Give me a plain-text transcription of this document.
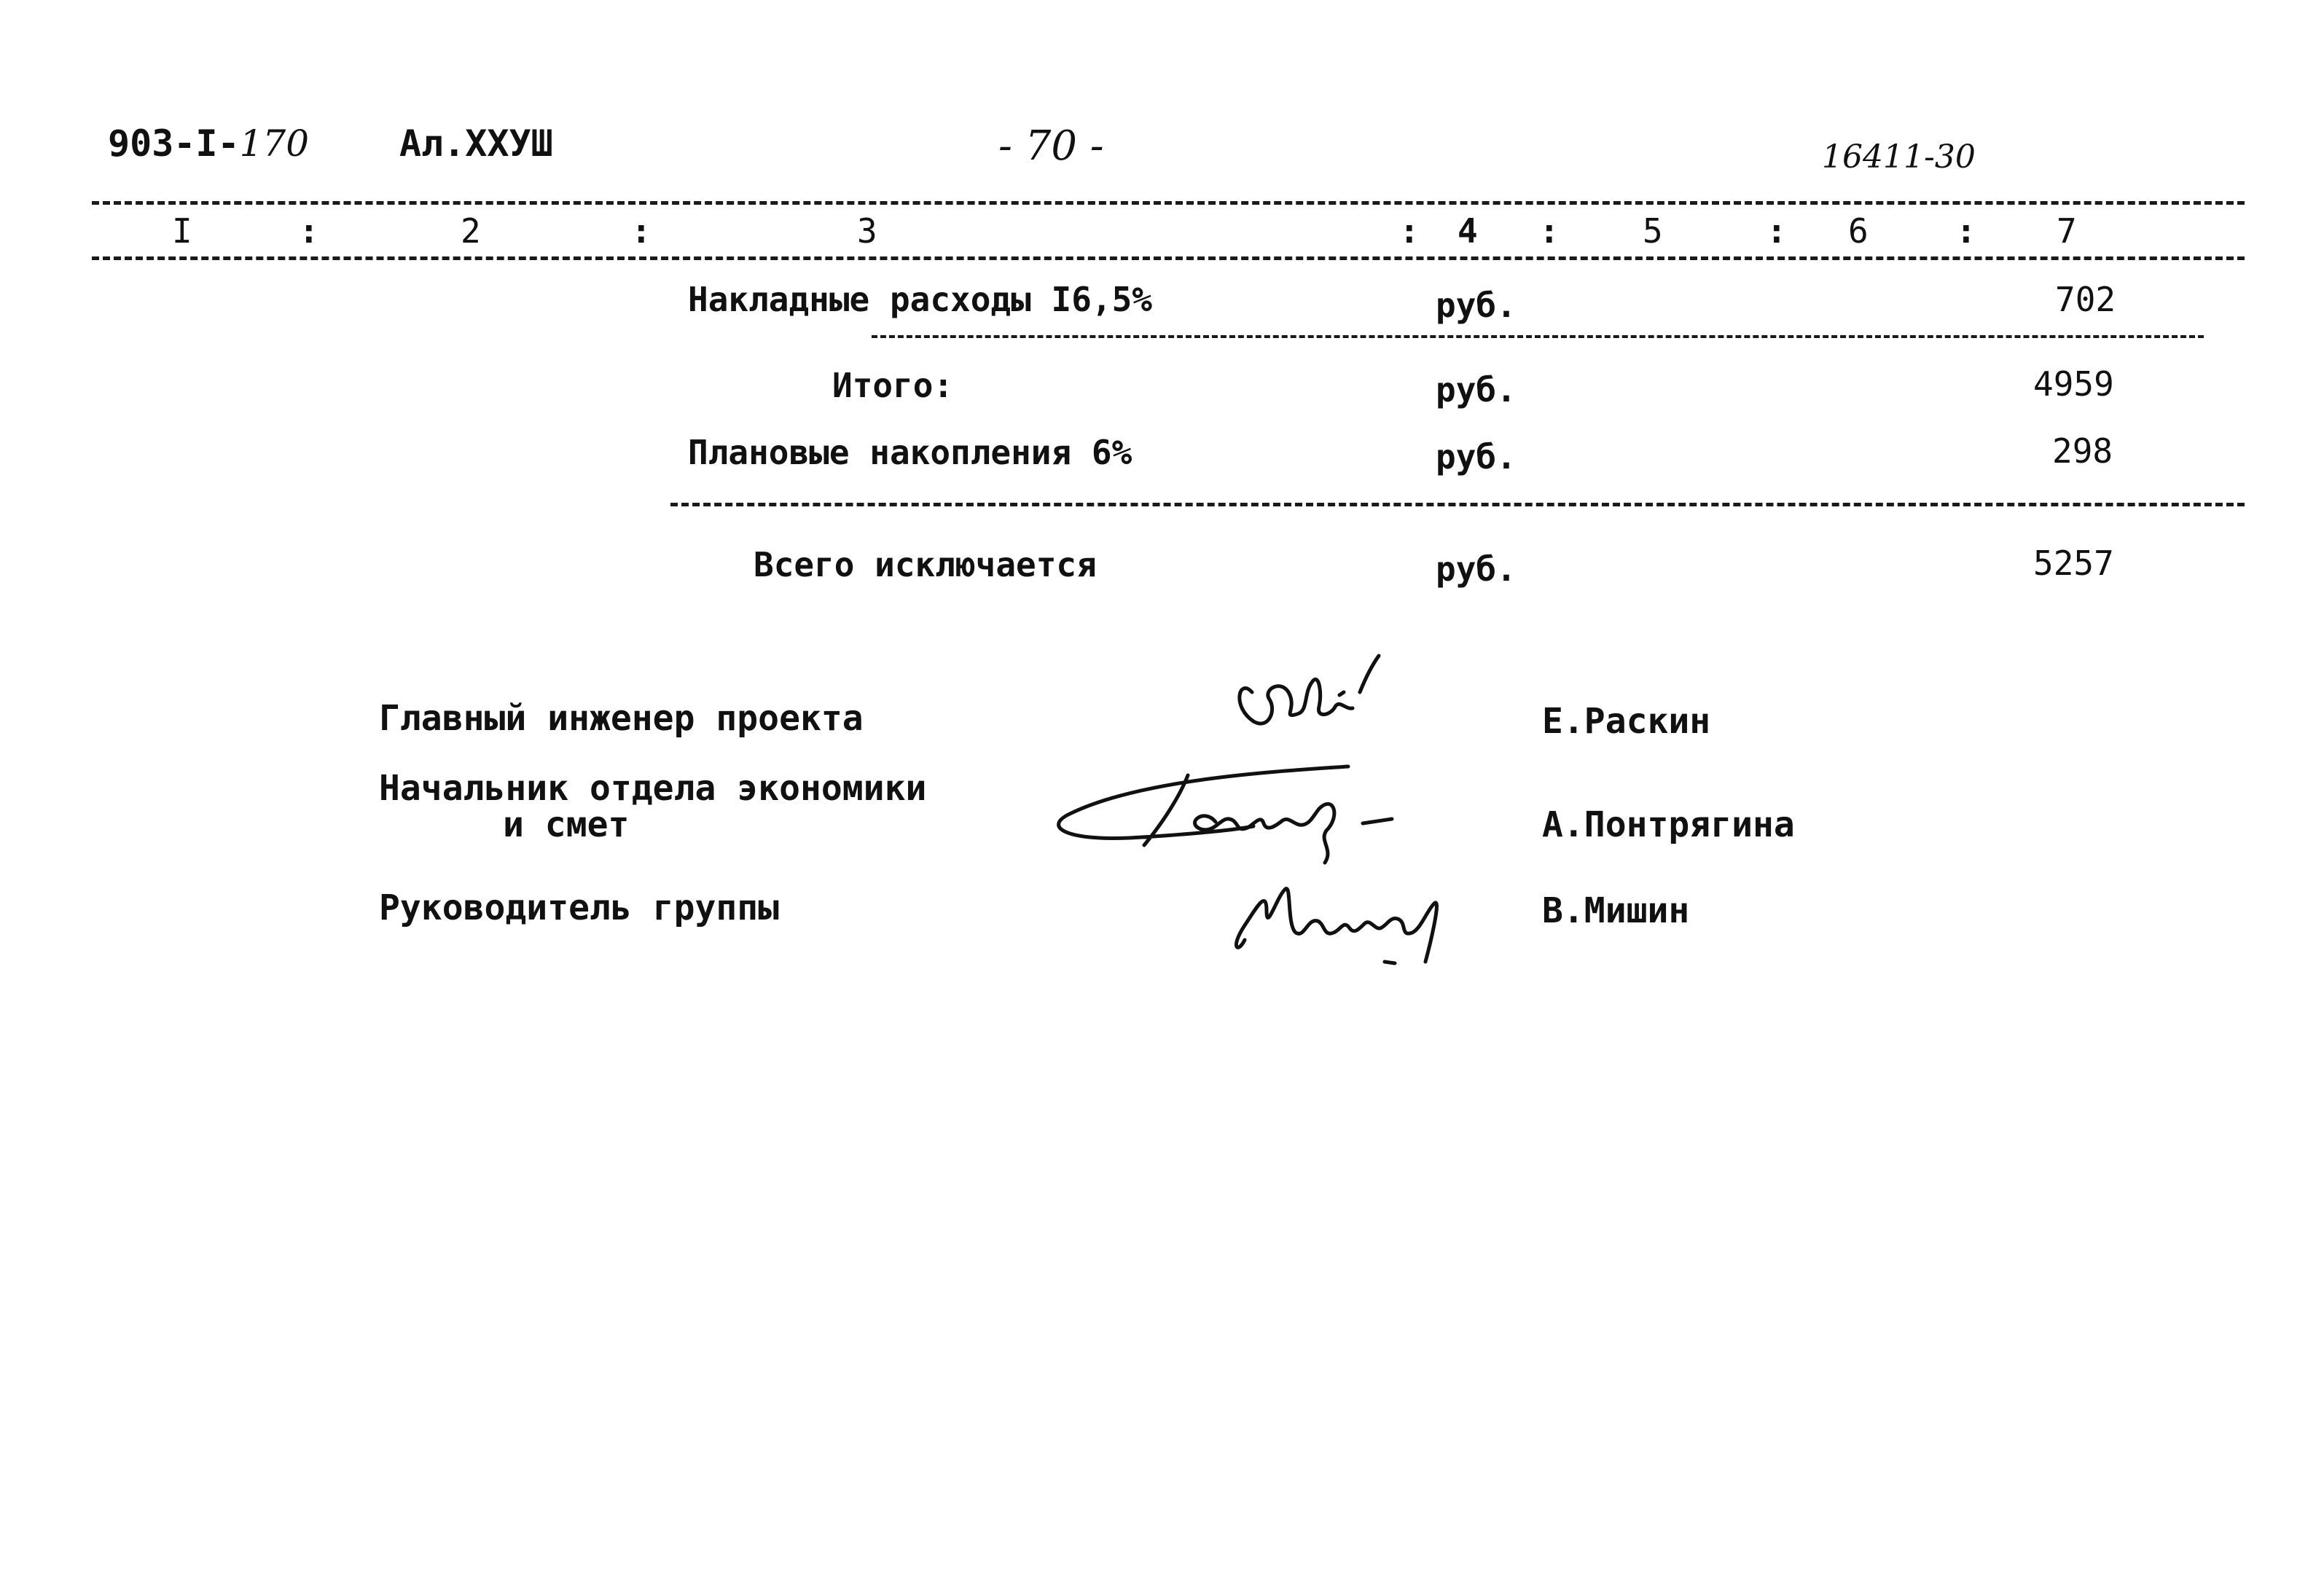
903-I-170 Ал.XXУШ	- 70 -	16411-30
I	:	2	:	3	: 4 : 5	: 6	: 7
Накладные расходы I6,5%	руб.	702
Итого:	руб.	4959
Плановые накопления 6%	руб.	298
Всего исключается	руб.	5257
Главный инженер проекта	Е.Раскин
Начальник отдела экономики
и смет	А.Понтрягина
Руководитель группы	В.Мишин
